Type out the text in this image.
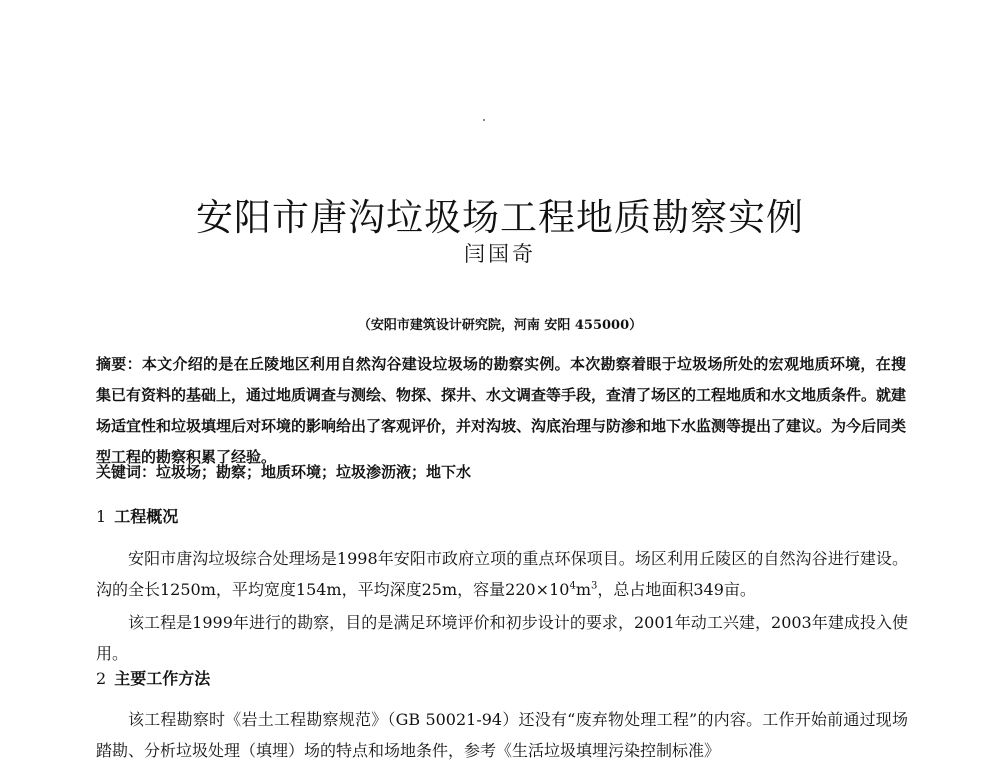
安阳市唐沟垃圾场工程地质勘察实例
闫国奇
（安阳市建筑设计研究院，河南 安阳 455000）

摘要：本文介绍的是在丘陵地区利用自然沟谷建设垃圾场的勘察实例。本次勘察着眼于垃圾场所处的宏观地质环境，在搜集已有资料的基础上，通过地质调查与测绘、物探、探井、水文调查等手段，查清了场区的工程地质和水文地质条件。就建场适宜性和垃圾填埋后对环境的影响给出了客观评价，并对沟坡、沟底治理与防渗和地下水监测等提出了建议。为今后同类型工程的勘察积累了经验。

关键词：垃圾场；勘察；地质环境；垃圾渗沥液；地下水

1 工程概况

安阳市唐沟垃圾综合处理场是1998年安阳市政府立项的重点环保项目。场区利用丘陵区的自然沟谷进行建设。沟的全长1250m，平均宽度154m，平均深度25m，容量$220\times 10^4m^3$，总占地面积349亩。

该工程是1999年进行的勘察，目的是满足环境评价和初步设计的要求，2001年动工兴建，2003年建成投入使用。

2 主要工作方法

该工程勘察时《岩土工程勘察规范》（GB 50021-94）还没有“废弃物处理工程”的内容。工作开始前通过现场踏勘、分析垃圾处理（填埋）场的特点和场地条件，参考《生活垃圾填埋污染控制标准》
